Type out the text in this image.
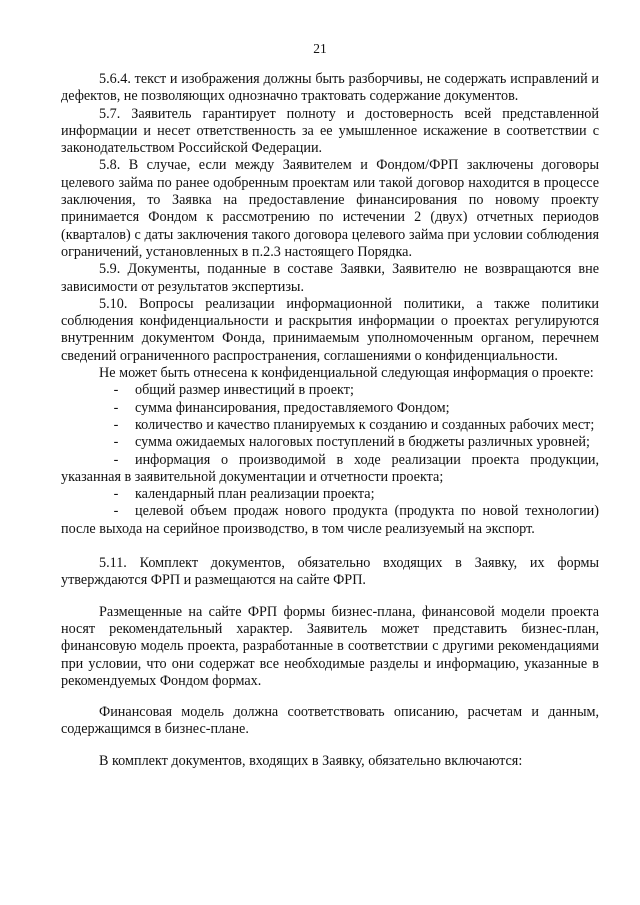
21

5.6.4. текст и изображения должны быть разборчивы, не содержать исправлений и дефектов, не позволяющих однозначно трактовать содержание документов.

5.7. Заявитель гарантирует полноту и достоверность всей представленной информации и несет ответственность за ее умышленное искажение в соответствии с законодательством Российской Федерации.

5.8. В случае, если между Заявителем и Фондом/ФРП заключены договоры целевого займа по ранее одобренным проектам или такой договор находится в процессе заключения, то Заявка на предоставление финансирования по новому проекту принимается Фондом к рассмотрению по истечении 2 (двух) отчетных периодов (кварталов) с даты заключения такого договора целевого займа при условии соблюдения ограничений, установленных в п.2.3 настоящего Порядка.

5.9. Документы, поданные в составе Заявки, Заявителю не возвращаются вне зависимости от результатов экспертизы.

5.10. Вопросы реализации информационной политики, а также политики соблюдения конфиденциальности и раскрытия информации о проектах регулируются внутренним документом Фонда, принимаемым уполномоченным органом, перечнем сведений ограниченного распространения, соглашениями о конфиденциальности.

Не может быть отнесена к конфиденциальной следующая информация о проекте:

- общий размер инвестиций в проект;

- сумма финансирования, предоставляемого Фондом;

- количество и качество планируемых к созданию и созданных рабочих мест;

- сумма ожидаемых налоговых поступлений в бюджеты различных уровней;

- информация о производимой в ходе реализации проекта продукции, указанная в заявительной документации и отчетности проекта;

- календарный план реализации проекта;

- целевой объем продаж нового продукта (продукта по новой технологии) после выхода на серийное производство, в том числе реализуемый на экспорт.

5.11. Комплект документов, обязательно входящих в Заявку, их формы утверждаются ФРП и размещаются на сайте ФРП.

Размещенные на сайте ФРП формы бизнес-плана, финансовой модели проекта носят рекомендательный характер. Заявитель может представить бизнес-план, финансовую модель проекта, разработанные в соответствии с другими рекомендациями при условии, что они содержат все необходимые разделы и информацию, указанные в рекомендуемых Фондом формах.

Финансовая модель должна соответствовать описанию, расчетам и данным, содержащимся в бизнес-плане.

В комплект документов, входящих в Заявку, обязательно включаются:
